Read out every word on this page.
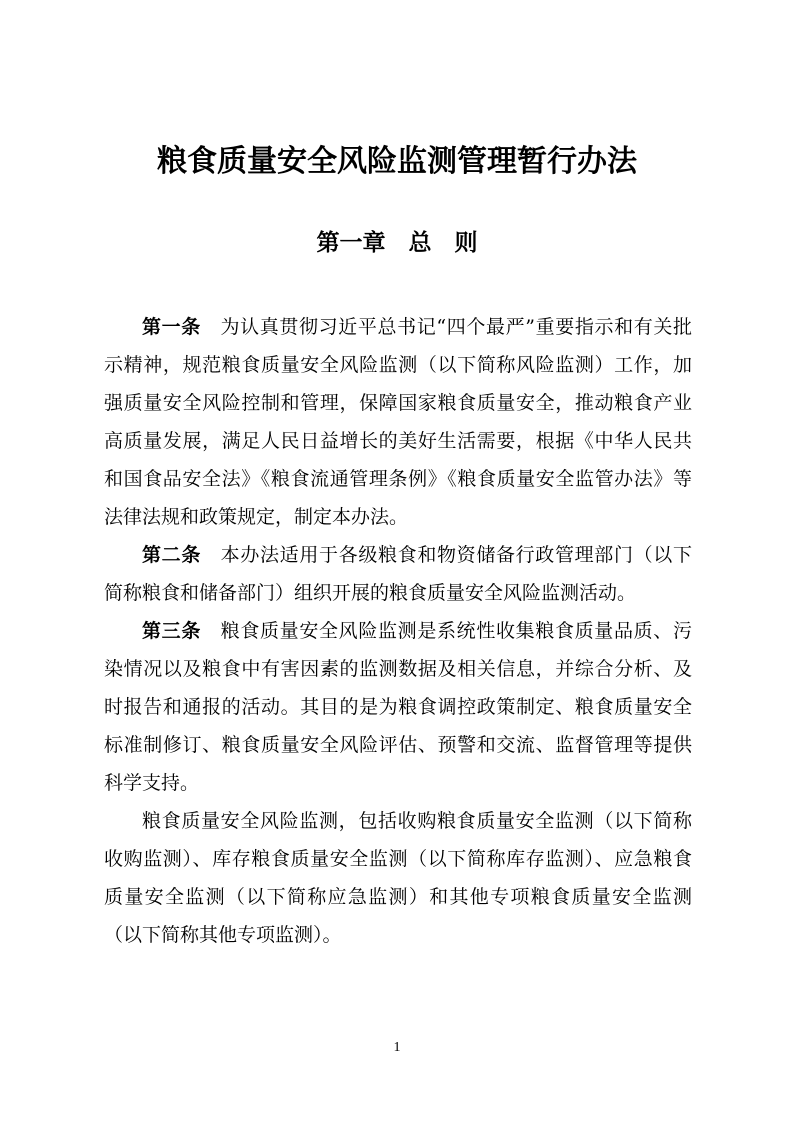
粮食质量安全风险监测管理暂行办法
第一章　总　则

第一条　 为认真贯彻习近平总书记“四个最严”重要指示和有关批示精神，规范粮食质量安全风险监测（以下简称风险监测）工作，加强质量安全风险控制和管理，保障国家粮食质量安全，推动粮食产业高质量发展，满足人民日益增长的美好生活需要，根据《中华人民共和国食品安全法》《粮食流通管理条例》《粮食质量安全监管办法》等法律法规和政策规定，制定本办法。

第二条　 本办法适用于各级粮食和物资储备行政管理部门（以下简称粮食和储备部门）组织开展的粮食质量安全风险监测活动。

第三条　 粮食质量安全风险监测是系统性收集粮食质量品质、污染情况以及粮食中有害因素的监测数据及相关信息，并综合分析、及时报告和通报的活动。其目的是为粮食调控政策制定、粮食质量安全标准制修订、粮食质量安全风险评估、预警和交流、监督管理等提供科学支持。

粮食质量安全风险监测，包括收购粮食质量安全监测（以下简称收购监测）、库存粮食质量安全监测（以下简称库存监测）、应急粮食质量安全监测（以下简称应急监测）和其他专项粮食质量安全监测（以下简称其他专项监测）。

1
